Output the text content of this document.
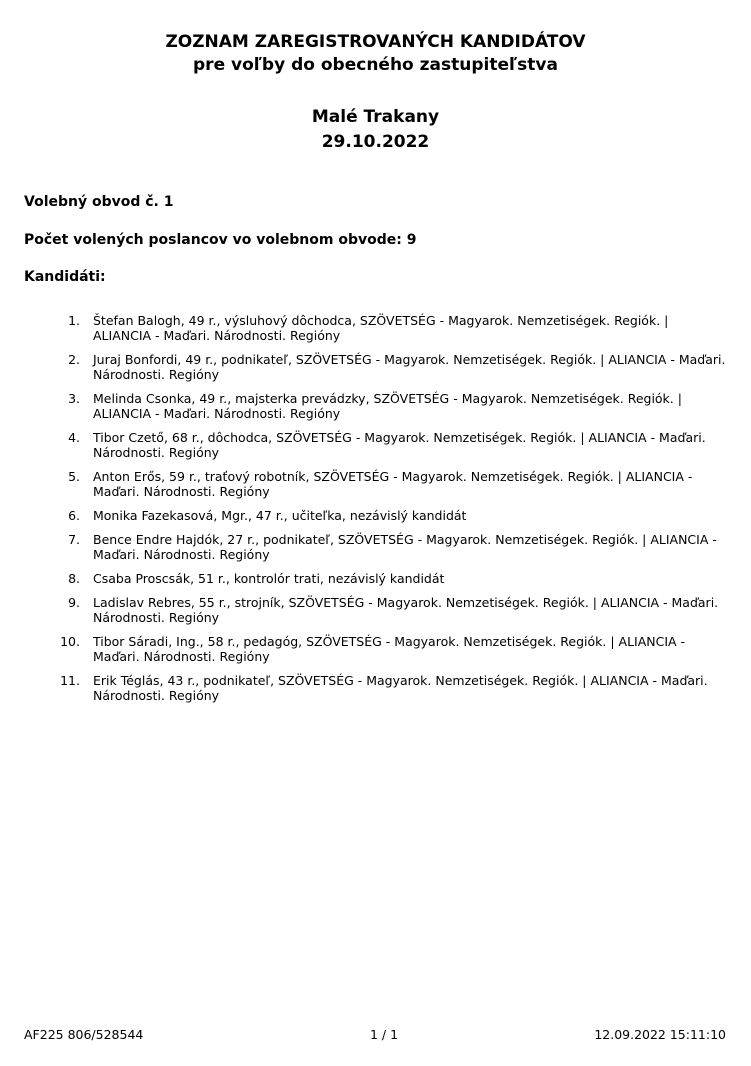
ZOZNAM ZAREGISTROVANÝCH KANDIDÁTOV
pre voľby do obecného zastupiteľstva
Malé Trakany
29.10.2022
Volebný obvod č. 1
Počet volených poslancov vo volebnom obvode: 9
Kandidáti:
1. Štefan Balogh, 49 r., výsluhový dôchodca, SZÖVETSÉG - Magyarok. Nemzetiségek. Regiók. | ALIANCIA - Maďari. Národnosti. Regióny
2. Juraj Bonfordi, 49 r., podnikateľ, SZÖVETSÉG - Magyarok. Nemzetiségek. Regiók. | ALIANCIA - Maďari. Národnosti. Regióny
3. Melinda Csonka, 49 r., majsterka prevádzky, SZÖVETSÉG - Magyarok. Nemzetiségek. Regiók. | ALIANCIA - Maďari. Národnosti. Regióny
4. Tibor Czető, 68 r., dôchodca, SZÖVETSÉG - Magyarok. Nemzetiségek. Regiók. | ALIANCIA - Maďari. Národnosti. Regióny
5. Anton Erős, 59 r., traťový robotník, SZÖVETSÉG - Magyarok. Nemzetiségek. Regiók. | ALIANCIA - Maďari. Národnosti. Regióny
6. Monika Fazekasová, Mgr., 47 r., učiteľka, nezávislý kandidát
7. Bence Endre Hajdók, 27 r., podnikateľ, SZÖVETSÉG - Magyarok. Nemzetiségek. Regiók. | ALIANCIA - Maďari. Národnosti. Regióny
8. Csaba Proscsák, 51 r., kontrolór trati, nezávislý kandidát
9. Ladislav Rebres, 55 r., strojník, SZÖVETSÉG - Magyarok. Nemzetiségek. Regiók. | ALIANCIA - Maďari. Národnosti. Regióny
10. Tibor Sáradi, Ing., 58 r., pedagóg, SZÖVETSÉG - Magyarok. Nemzetiségek. Regiók. | ALIANCIA - Maďari. Národnosti. Regióny
11. Erik Téglás, 43 r., podnikateľ, SZÖVETSÉG - Magyarok. Nemzetiségek. Regiók. | ALIANCIA - Maďari. Národnosti. Regióny
AF225 806/528544	1 / 1	12.09.2022 15:11:10
